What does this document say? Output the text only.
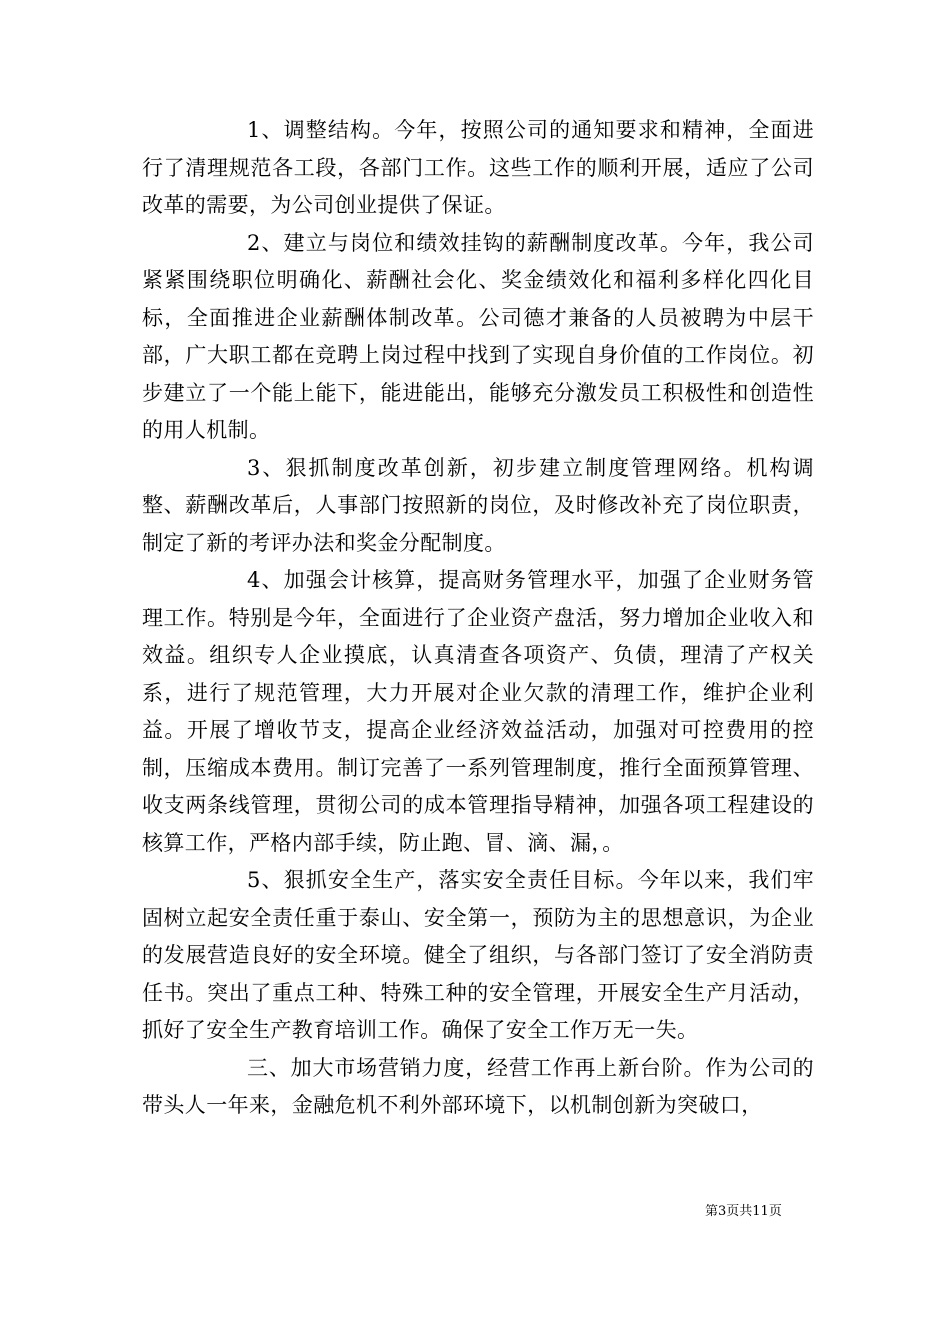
1、调整结构。今年，按照公司的通知要求和精神，全面进行了清理规范各工段，各部门工作。这些工作的顺利开展，适应了公司改革的需要，为公司创业提供了保证。

2、建立与岗位和绩效挂钩的薪酬制度改革。今年，我公司紧紧围绕职位明确化、薪酬社会化、奖金绩效化和福利多样化四化目标，全面推进企业薪酬体制改革。公司德才兼备的人员被聘为中层干部，广大职工都在竞聘上岗过程中找到了实现自身价值的工作岗位。初步建立了一个能上能下，能进能出，能够充分激发员工积极性和创造性的用人机制。

3、狠抓制度改革创新，初步建立制度管理网络。机构调整、薪酬改革后，人事部门按照新的岗位，及时修改补充了岗位职责，制定了新的考评办法和奖金分配制度。

4、加强会计核算，提高财务管理水平，加强了企业财务管理工作。特别是今年，全面进行了企业资产盘活，努力增加企业收入和效益。组织专人企业摸底，认真清查各项资产、负债，理清了产权关系，进行了规范管理，大力开展对企业欠款的清理工作，维护企业利益。开展了增收节支，提高企业经济效益活动，加强对可控费用的控制，压缩成本费用。制订完善了一系列管理制度，推行全面预算管理、收支两条线管理，贯彻公司的成本管理指导精神，加强各项工程建设的核算工作，严格内部手续，防止跑、冒、滴、漏，。

5、狠抓安全生产，落实安全责任目标。今年以来，我们牢固树立起安全责任重于泰山、安全第一，预防为主的思想意识，为企业的发展营造良好的安全环境。健全了组织，与各部门签订了安全消防责任书。突出了重点工种、特殊工种的安全管理，开展安全生产月活动，抓好了安全生产教育培训工作。确保了安全工作万无一失。

三、加大市场营销力度，经营工作再上新台阶。作为公司的带头人一年来，金融危机不利外部环境下，以机制创新为突破口，

第3页共11页
